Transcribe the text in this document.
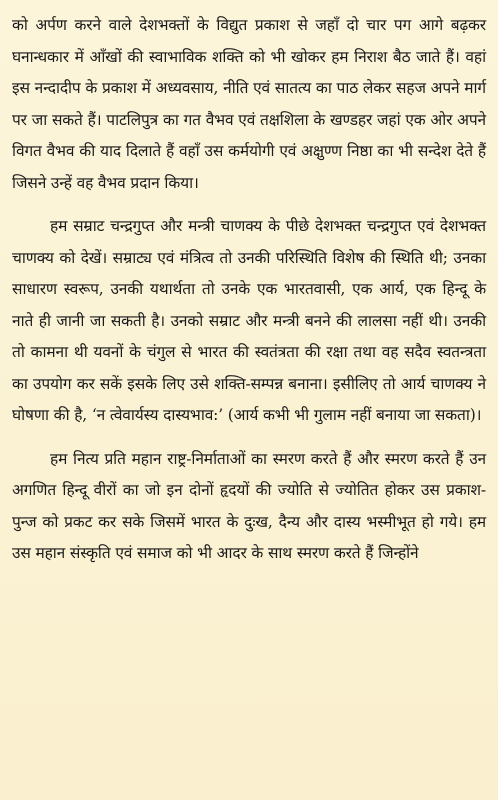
को अर्पण करने वाले देशभक्तों के विद्युत प्रकाश से जहाँ दो चार पग आगे बढ़कर घनान्धकार में आँखों की स्वाभाविक शक्ति को भी खोकर हम निराश बैठ जाते हैं। वहां इस नन्दादीप के प्रकाश में अध्यवसाय, नीति एवं सातत्य का पाठ लेकर सहज अपने मार्ग पर जा सकते हैं। पाटलिपुत्र का गत वैभव एवं तक्षशिला के खण्डहर जहां एक ओर अपने विगत वैभव की याद दिलाते हैं वहाँ उस कर्मयोगी एवं अक्षुण्ण निष्ठा का भी सन्देश देते हैं जिसने उन्हें वह वैभव प्रदान किया।

हम सम्राट चन्द्रगुप्त और मन्त्री चाणक्य के पीछे देशभक्त चन्द्रगुप्त एवं देशभक्त चाणक्य को देखें। सम्राट्य एवं मंत्रित्व तो उनकी परिस्थिति विशेष की स्थिति थी; उनका साधारण स्वरूप, उनकी यथार्थता तो उनके एक भारतवासी, एक आर्य, एक हिन्दू के नाते ही जानी जा सकती है। उनको सम्राट और मन्त्री बनने की लालसा नहीं थी। उनकी तो कामना थी यवनों के चंगुल से भारत की स्वतंत्रता की रक्षा तथा वह सदैव स्वतन्त्रता का उपयोग कर सकें इसके लिए उसे शक्ति-सम्पन्न बनाना। इसीलिए तो आर्य चाणक्य ने घोषणा की है, ‘न त्वेवार्यस्य दास्यभाव:’ (आर्य कभी भी गुलाम नहीं बनाया जा सकता)।

हम नित्य प्रति महान राष्ट्र-निर्माताओं का स्मरण करते हैं और स्मरण करते हैं उन अगणित हिन्दू वीरों का जो इन दोनों हृदयों की ज्योति से ज्योतित होकर उस प्रकाश-पुन्ज को प्रकट कर सके जिसमें भारत के दुःख, दैन्य और दास्य भस्मीभूत हो गये। हम उस महान संस्कृति एवं समाज को भी आदर के साथ स्मरण करते हैं जिन्होंने
